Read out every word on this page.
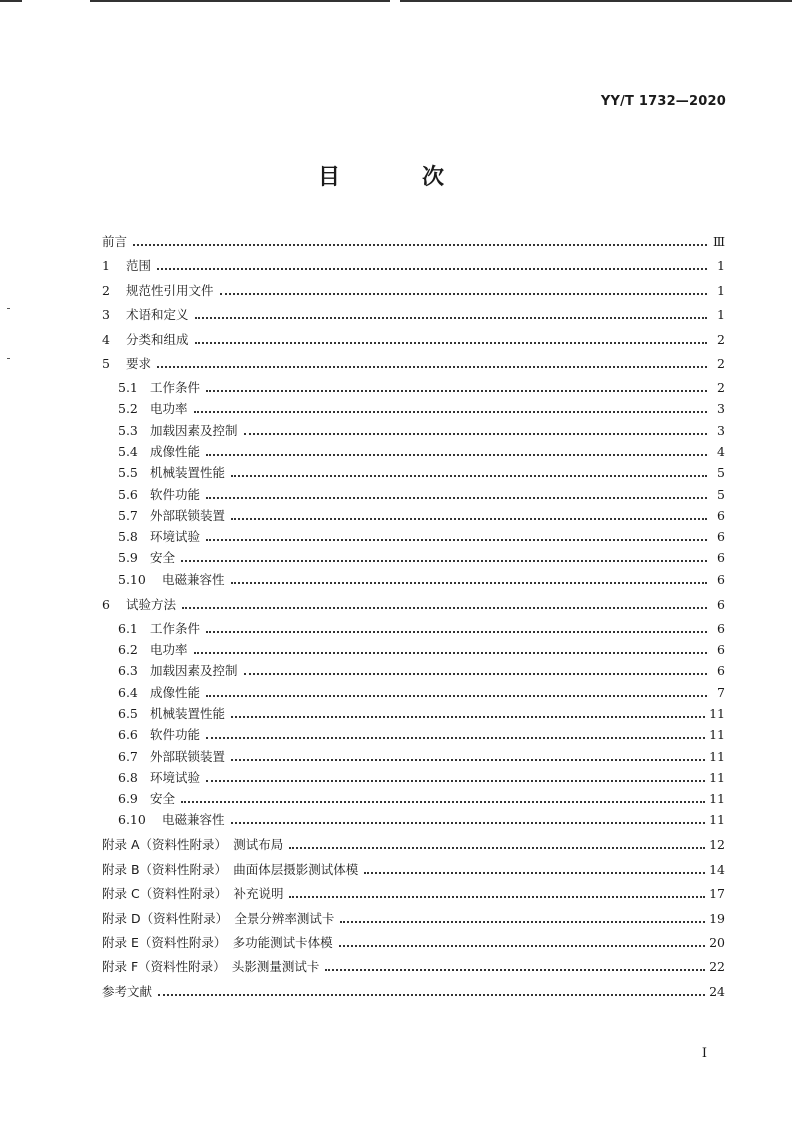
YY/T 1732—2020
目　次
前言	Ⅲ
1	范围	1
2	规范性引用文件	1
3	术语和定义	1
4	分类和组成	2
5	要求	2
5.1 工作条件	2
5.2 电功率	3
5.3 加载因素及控制	3
5.4 成像性能	4
5.5 机械装置性能	5
5.6 软件功能	5
5.7 外部联锁装置	6
5.8 环境试验	6
5.9 安全	6
5.10	电磁兼容性	6
6	试验方法	6
6.1 工作条件	6
6.2 电功率	6
6.3 加载因素及控制	6
6.4 成像性能	7
6.5 机械装置性能	11
6.6 软件功能	11
6.7 外部联锁装置	11
6.8 环境试验	11
6.9 安全	11
6.10	电磁兼容性	11
附录 A（资料性附录）　测试布局	12
附录 B（资料性附录）　曲面体层摄影测试体模	14
附录 C（资料性附录）　补充说明	17
附录 D（资料性附录）　全景分辨率测试卡	19
附录 E（资料性附录）　多功能测试卡体模	20
附录 F（资料性附录）　头影测量测试卡	22
参考文献	24
I
